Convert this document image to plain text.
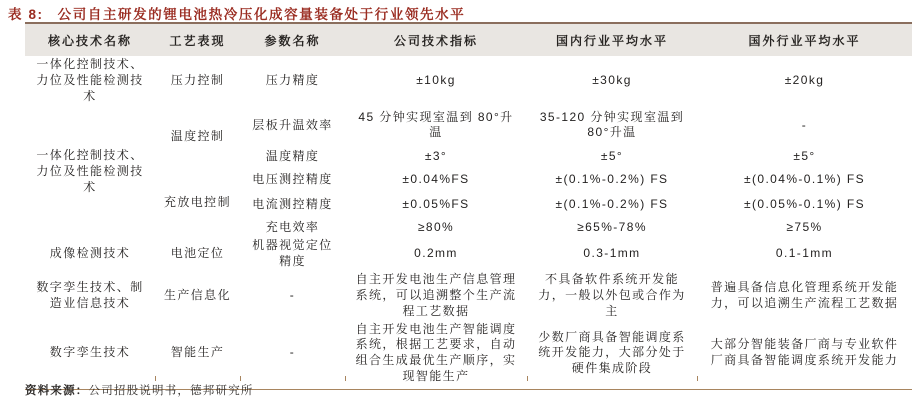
表 8: 公司自主研发的锂电池热冷压化成容量装备处于行业领先水平
核心技术名称	工艺表现	参数名称	公司技术指标	国内行业平均水平	国外行业平均水平
一体化控制技术、力位及性能检测技术	压力控制	压力精度	±10kg	±30kg	±20kg
	温度控制	层板升温效率	45 分钟实现室温到 80°升温	35-120 分钟实现室温到 80°升温	-
一体化控制技术、力位及性能检测技术		温度精度	±3°	±5°	±5°
	充放电控制	电压测控精度	±0.04%FS	±(0.1%-0.2%) FS	±(0.04%-0.1%) FS
		电流测控精度	±0.05%FS	±(0.1%-0.2%) FS	±(0.05%-0.1%) FS
		充电效率	≥80%	≥65%-78%	≥75%
成像检测技术	电池定位	机器视觉定位精度	0.2mm	0.3-1mm	0.1-1mm
数字孪生技术、制造业信息技术	生产信息化	-	自主开发电池生产信息管理系统，可以追溯整个生产流程工艺数据	不具备软件系统开发能力，一般以外包或合作为主	普遍具备信息化管理系统开发能力，可以追溯生产流程工艺数据
数字孪生技术	智能生产	-	自主开发电池生产智能调度系统，根据工艺要求，自动组合生成最优生产顺序，实现智能生产	少数厂商具备智能调度系统开发能力，大部分处于硬件集成阶段	大部分智能装备厂商与专业软件厂商具备智能调度系统开发能力
资料来源：公司招股说明书，德邦研究所
